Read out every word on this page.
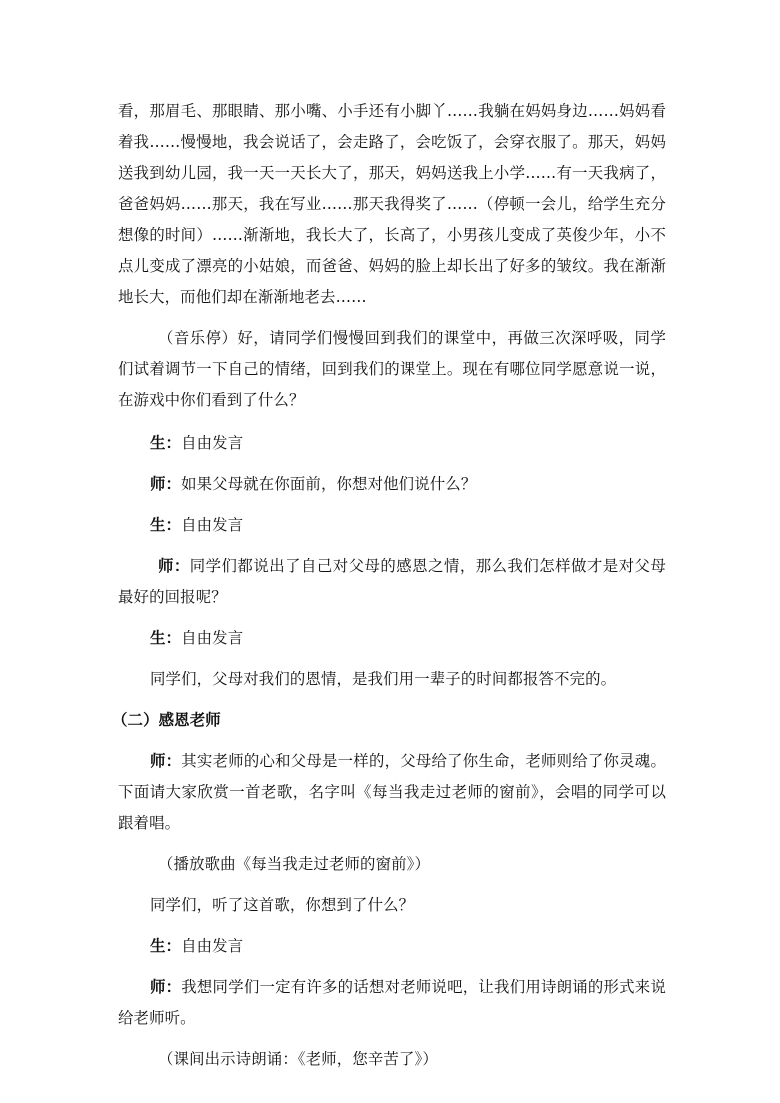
看，那眉毛、那眼睛、那小嘴、小手还有小脚丫……我躺在妈妈身边……妈妈看着我……慢慢地，我会说话了，会走路了，会吃饭了，会穿衣服了。那天，妈妈送我到幼儿园，我一天一天长大了，那天，妈妈送我上小学……有一天我病了，爸爸妈妈……那天，我在写业……那天我得奖了……（停顿一会儿，给学生充分想像的时间）……渐渐地，我长大了，长高了，小男孩儿变成了英俊少年，小不点儿变成了漂亮的小姑娘，而爸爸、妈妈的脸上却长出了好多的皱纹。我在渐渐地长大，而他们却在渐渐地老去……

（音乐停）好，请同学们慢慢回到我们的课堂中，再做三次深呼吸，同学们试着调节一下自己的情绪，回到我们的课堂上。现在有哪位同学愿意说一说，在游戏中你们看到了什么？

生：自由发言

师：如果父母就在你面前，你想对他们说什么？

生：自由发言

师：同学们都说出了自己对父母的感恩之情，那么我们怎样做才是对父母最好的回报呢？

生：自由发言

同学们，父母对我们的恩情，是我们用一辈子的时间都报答不完的。

（二）感恩老师

师：其实老师的心和父母是一样的，父母给了你生命，老师则给了你灵魂。下面请大家欣赏一首老歌，名字叫《每当我走过老师的窗前》，会唱的同学可以跟着唱。

（播放歌曲《每当我走过老师的窗前》）

同学们，听了这首歌，你想到了什么？

生：自由发言

师：我想同学们一定有许多的话想对老师说吧，让我们用诗朗诵的形式来说给老师听。

（课间出示诗朗诵：《老师，您辛苦了》）
